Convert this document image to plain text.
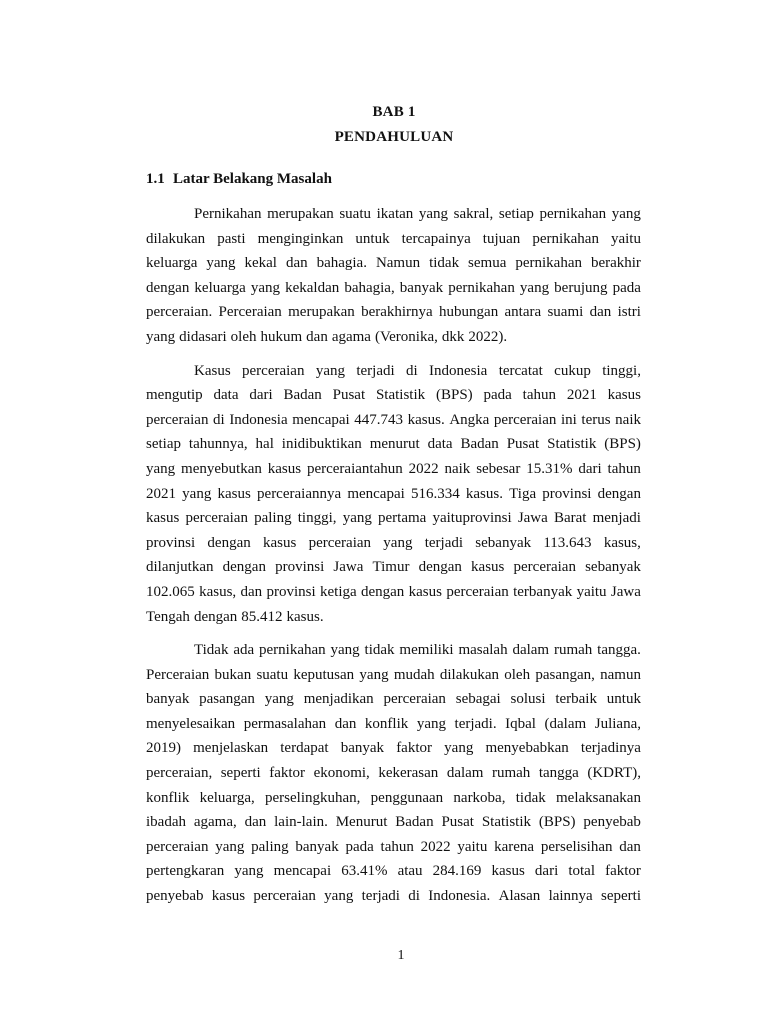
BAB 1
PENDAHULUAN
1.1 Latar Belakang Masalah
Pernikahan merupakan suatu ikatan yang sakral, setiap pernikahan yang
dilakukan pasti menginginkan untuk tercapainya tujuan pernikahan yaitu
keluarga yang kekal dan bahagia. Namun tidak semua pernikahan berakhir
dengan keluarga yang kekaldan bahagia, banyak pernikahan yang berujung pada
perceraian. Perceraian merupakan berakhirnya hubungan antara suami dan istri
yang didasari oleh hukum dan agama (Veronika, dkk 2022).
Kasus perceraian yang terjadi di Indonesia tercatat cukup tinggi,
mengutip data dari Badan Pusat Statistik (BPS) pada tahun 2021 kasus
perceraian di Indonesia mencapai 447.743 kasus. Angka perceraian ini terus naik
setiap tahunnya, hal inidibuktikan menurut data Badan Pusat Statistik (BPS)
yang menyebutkan kasus perceraiantahun 2022 naik sebesar 15.31% dari tahun
2021 yang kasus perceraiannya mencapai 516.334 kasus. Tiga provinsi dengan
kasus perceraian paling tinggi, yang pertama yaituprovinsi Jawa Barat menjadi
provinsi dengan kasus perceraian yang terjadi sebanyak 113.643 kasus,
dilanjutkan dengan provinsi Jawa Timur dengan kasus perceraian sebanyak
102.065 kasus, dan provinsi ketiga dengan kasus perceraian terbanyak yaitu Jawa
Tengah dengan 85.412 kasus.
Tidak ada pernikahan yang tidak memiliki masalah dalam rumah tangga.
Perceraian bukan suatu keputusan yang mudah dilakukan oleh pasangan, namun
banyak pasangan yang menjadikan perceraian sebagai solusi terbaik untuk
menyelesaikan permasalahan dan konflik yang terjadi. Iqbal (dalam Juliana,
2019) menjelaskan terdapat banyak faktor yang menyebabkan terjadinya
perceraian, seperti faktor ekonomi, kekerasan dalam rumah tangga (KDRT),
konflik keluarga, perselingkuhan, penggunaan narkoba, tidak melaksanakan
ibadah agama, dan lain-lain. Menurut Badan Pusat Statistik (BPS) penyebab
perceraian yang paling banyak pada tahun 2022 yaitu karena perselisihan dan
pertengkaran yang mencapai 63.41% atau 284.169 kasus dari total faktor
penyebab kasus perceraian yang terjadi di Indonesia. Alasan lainnya seperti
1
